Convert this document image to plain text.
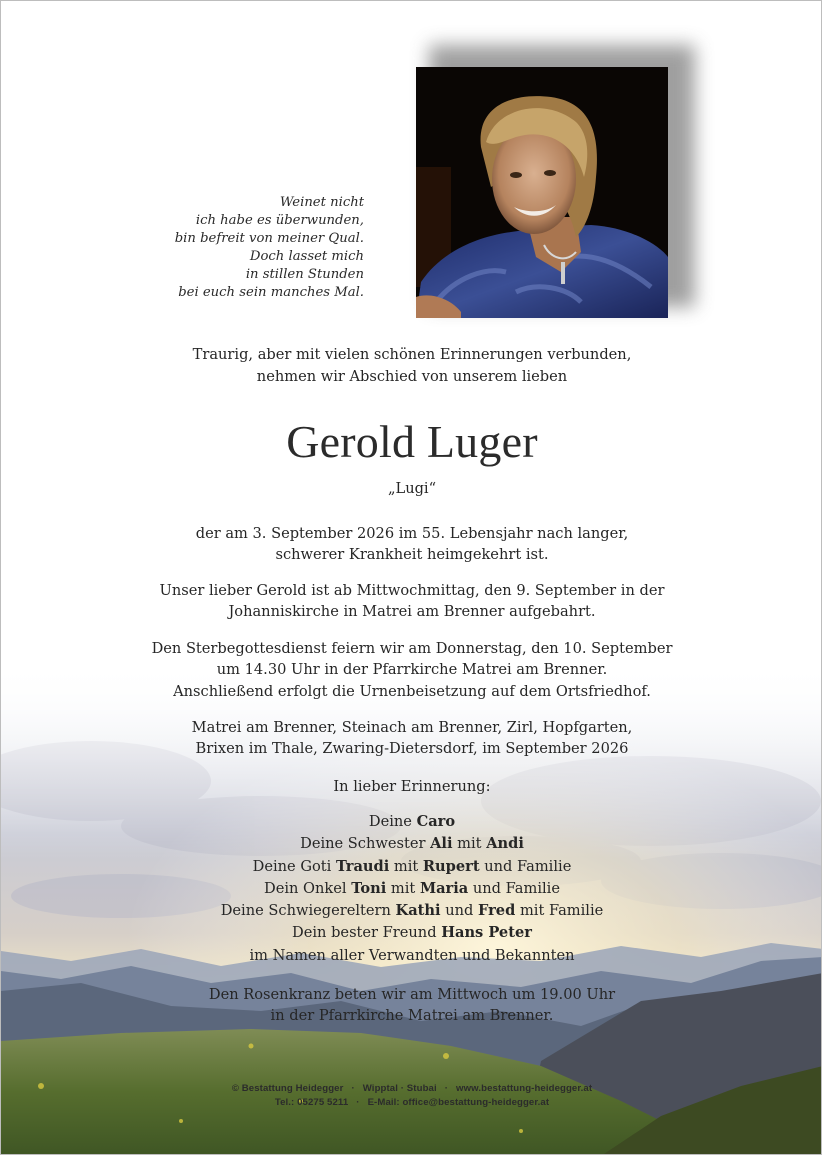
Weinet nicht
ich habe es überwunden,
bin befreit von meiner Qual.
Doch lasset mich
in stillen Stunden
bei euch sein manches Mal.
Traurig, aber mit vielen schönen Erinnerungen verbunden,
nehmen wir Abschied von unserem lieben
Gerold Luger
„Lugi“
der am 3. September 2026 im 55. Lebensjahr nach langer,
schwerer Krankheit heimgekehrt ist.
Unser lieber Gerold ist ab Mittwochmittag, den 9. September in der
Johanniskirche in Matrei am Brenner aufgebahrt.
Den Sterbegottesdienst feiern wir am Donnerstag, den 10. September
um 14.30 Uhr in der Pfarrkirche Matrei am Brenner.
Anschließend erfolgt die Urnenbeisetzung auf dem Ortsfriedhof.
Matrei am Brenner, Steinach am Brenner, Zirl, Hopfgarten,
Brixen im Thale, Zwaring-Dietersdorf, im September 2026
In lieber Erinnerung:
Deine Caro
Deine Schwester Ali mit Andi
Deine Goti Traudi mit Rupert und Familie
Dein Onkel Toni mit Maria und Familie
Deine Schwiegereltern Kathi und Fred mit Familie
Dein bester Freund Hans Peter
im Namen aller Verwandten und Bekannten
Den Rosenkranz beten wir am Mittwoch um 19.00 Uhr
in der Pfarrkirche Matrei am Brenner.
© Bestattung Heidegger · Wipptal · Stubai · www.bestattung-heidegger.at
Tel.: 05275 5211 · E-Mail: office@bestattung-heidegger.at
